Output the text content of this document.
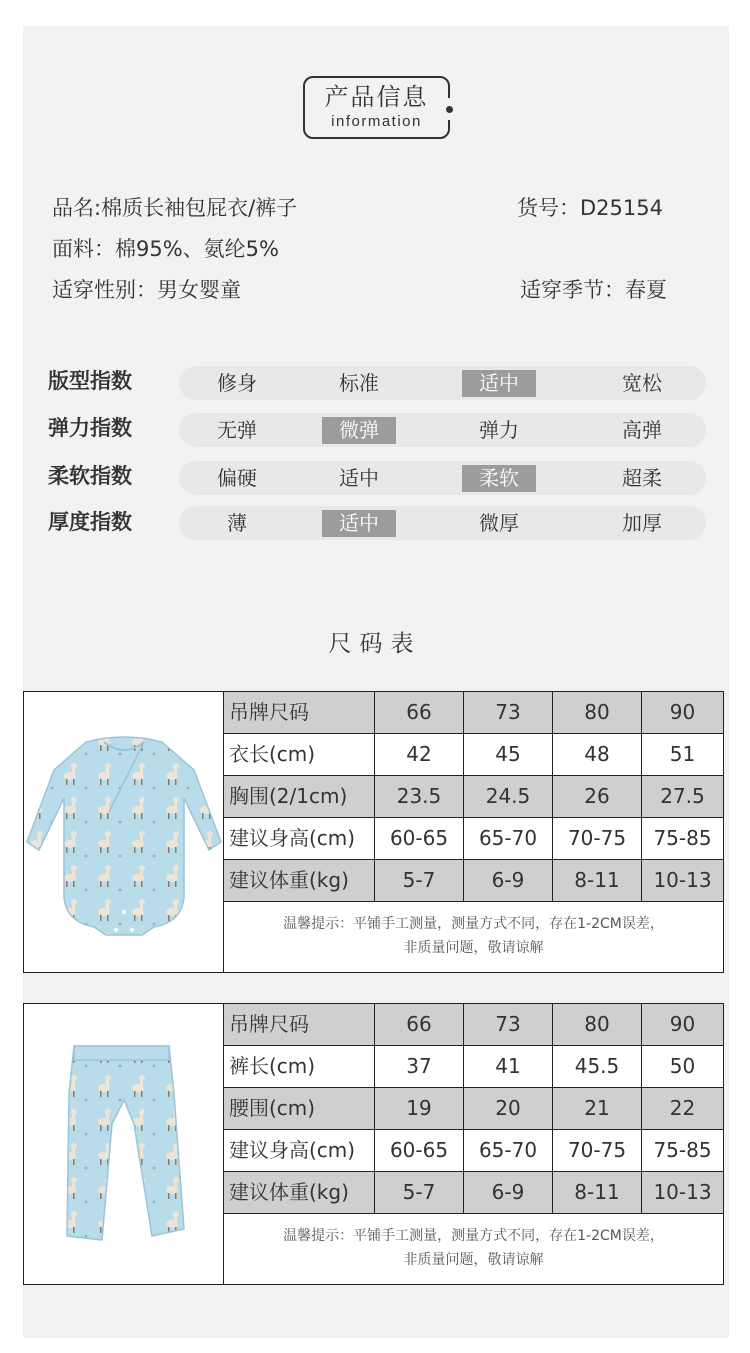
产品信息
information
品名:棉质长袖包屁衣/裤子	货号：D25154
面料：棉95%、氨纶5%
适穿性别：男女婴童	适穿季节：春夏
版型指数	修身	标准	适中	宽松
弹力指数	无弹	微弹	弹力	高弹
柔软指数	偏硬	适中	柔软	超柔
厚度指数	薄	适中	微厚	加厚
尺码表
吊牌尺码	66	73	80	90
衣长(cm)	42	45	48	51
胸围(2/1cm)	23.5	24.5	26	27.5
建议身高(cm)	60-65	65-70	70-75	75-85
建议体重(kg)	5-7	6-9	8-11	10-13
温馨提示：平铺手工测量，测量方式不同，存在1-2CM误差，
非质量问题，敬请谅解
吊牌尺码	66	73	80	90
裤长(cm)	37	41	45.5	50
腰围(cm)	19	20	21	22
建议身高(cm)	60-65	65-70	70-75	75-85
建议体重(kg)	5-7	6-9	8-11	10-13
温馨提示：平铺手工测量，测量方式不同，存在1-2CM误差，
非质量问题，敬请谅解
